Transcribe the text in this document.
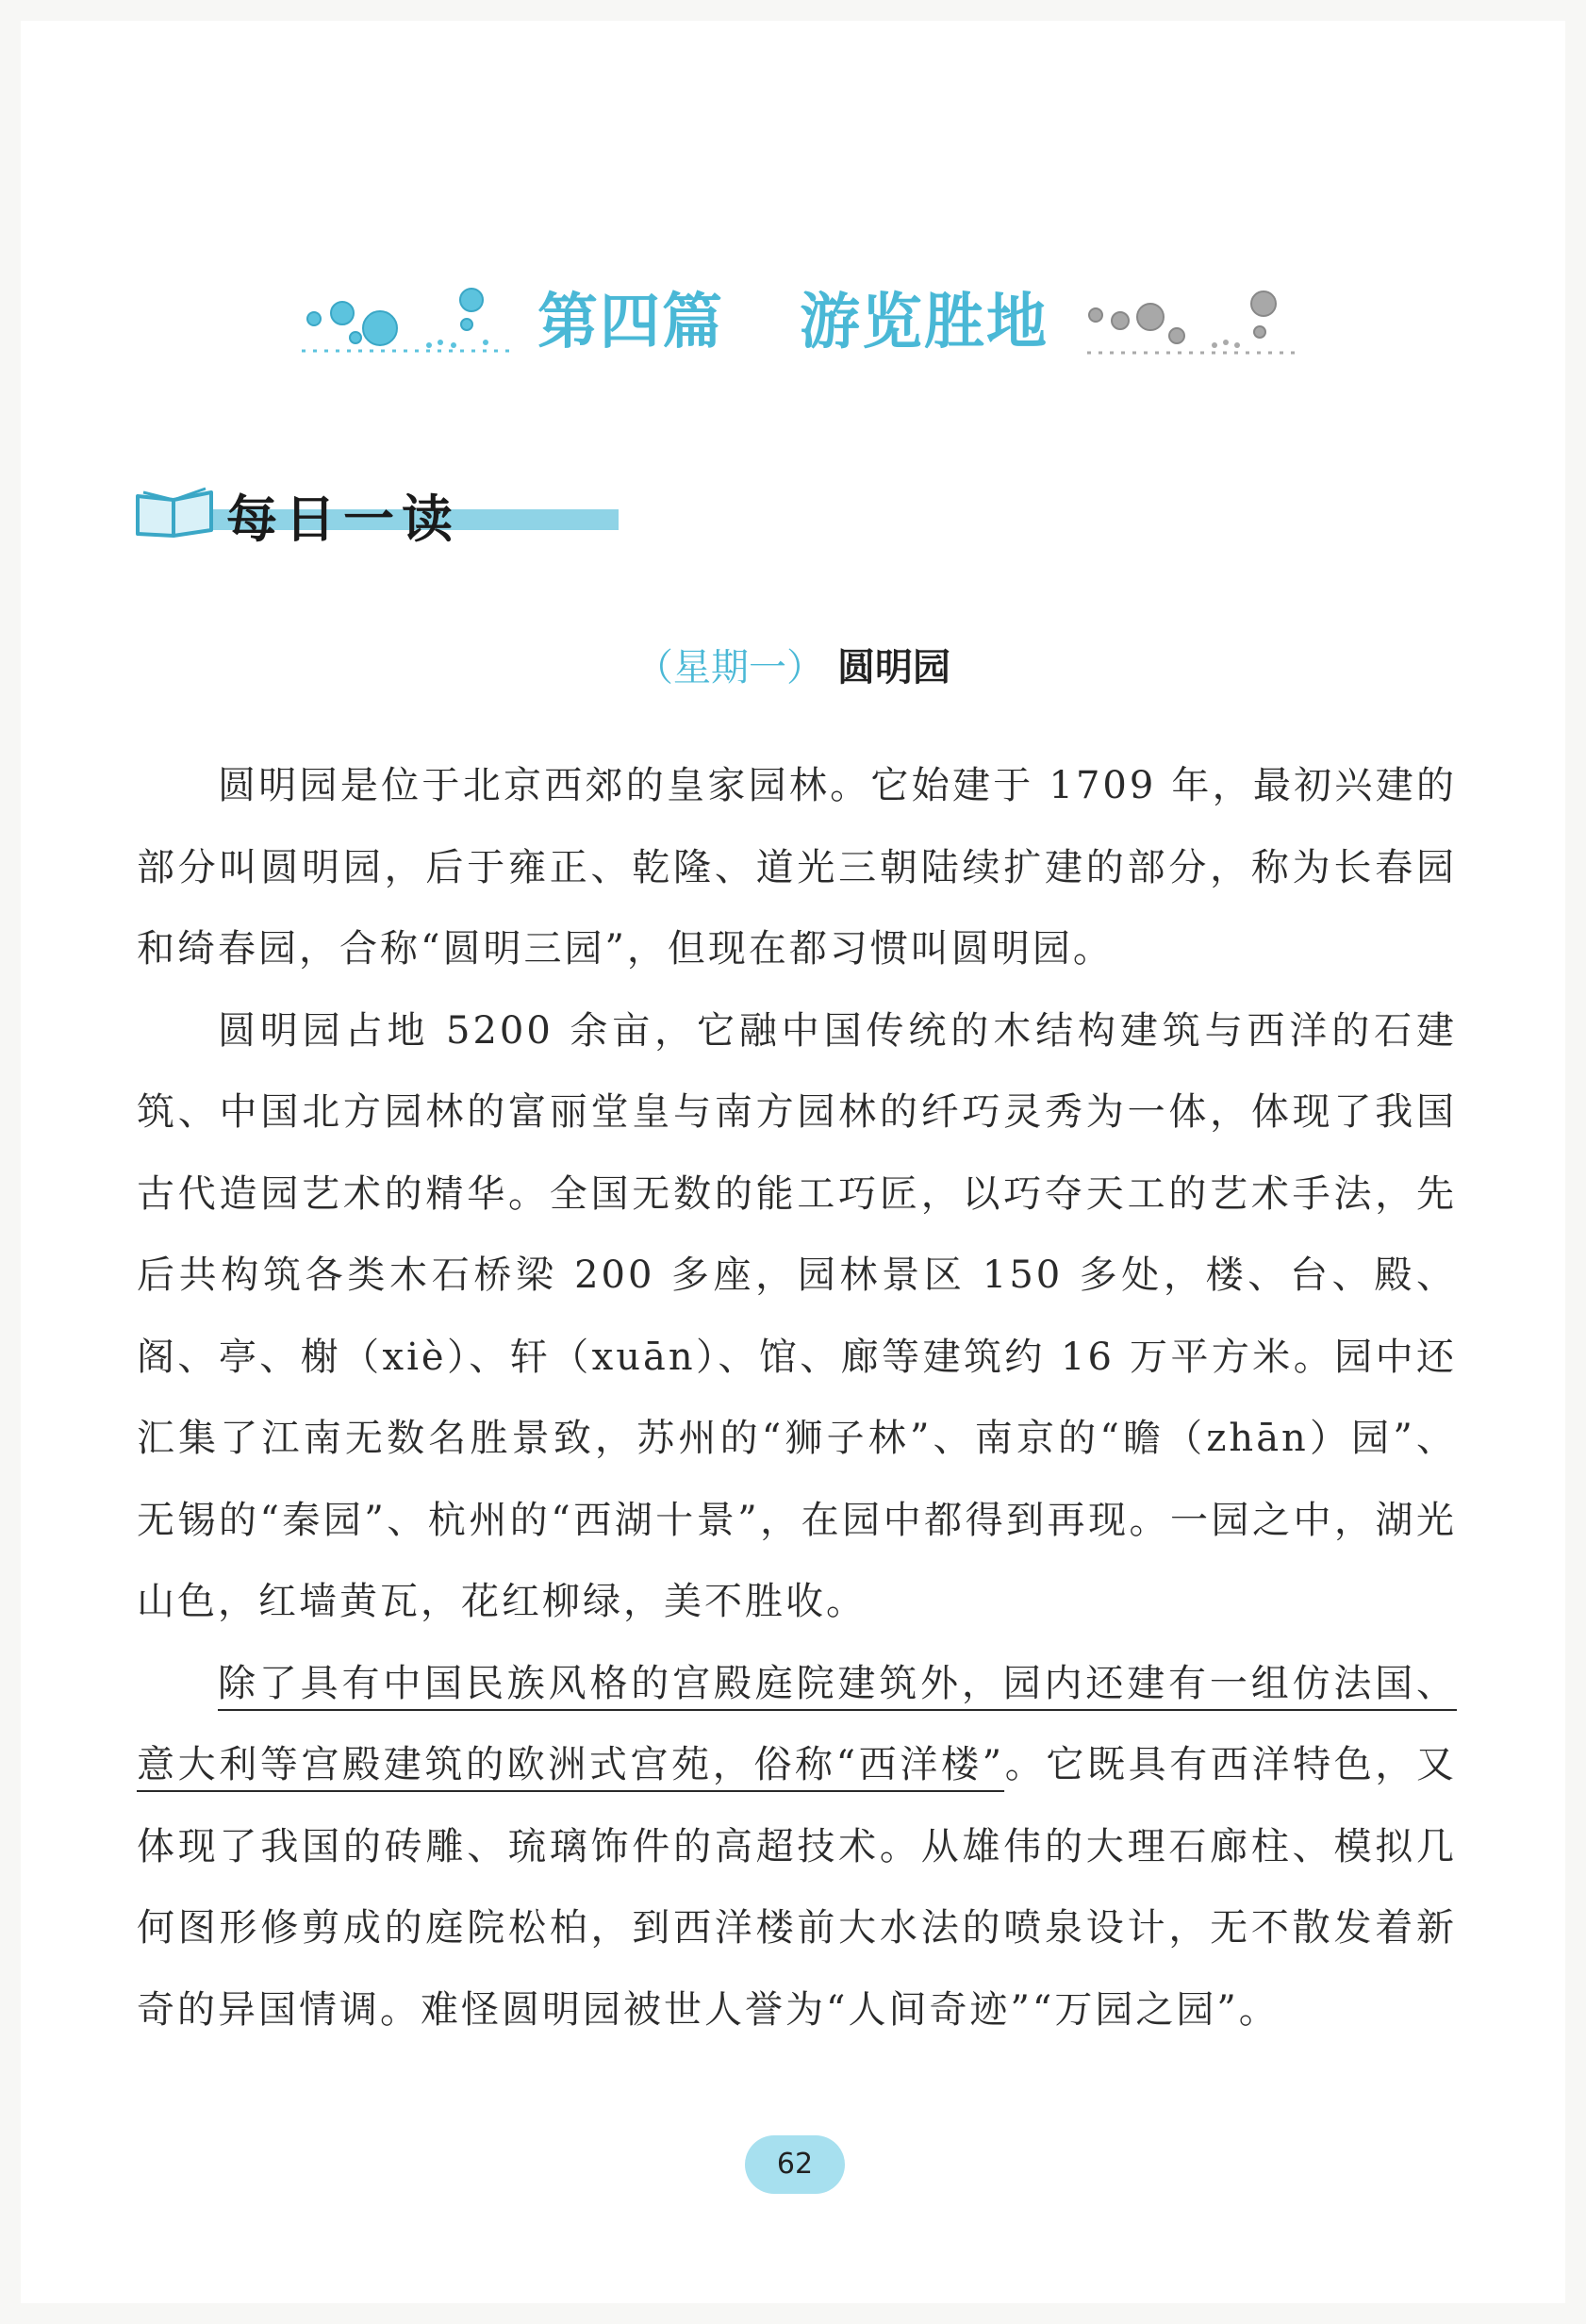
第四篇 游览胜地
每日一读
（星期一） 圆明园

圆明园是位于北京西郊的皇家园林。它始建于 1709 年，最初兴建的部分叫圆明园，后于雍正、乾隆、道光三朝陆续扩建的部分，称为长春园和绮春园，合称“圆明三园”，但现在都习惯叫圆明园。

圆明园占地 5200 余亩，它融中国传统的木结构建筑与西洋的石建筑、中国北方园林的富丽堂皇与南方园林的纤巧灵秀为一体，体现了我国古代造园艺术的精华。全国无数的能工巧匠，以巧夺天工的艺术手法，先后共构筑各类木石桥梁 200 多座，园林景区 150 多处，楼、台、殿、阁、亭、榭（xiè）、轩（xuān）、馆、廊等建筑约 16 万平方米。园中还汇集了江南无数名胜景致，苏州的“狮子林”、南京的“瞻（zhān）园”、无锡的“秦园”、杭州的“西湖十景”，在园中都得到再现。一园之中，湖光山色，红墙黄瓦，花红柳绿，美不胜收。

除了具有中国民族风格的宫殿庭院建筑外，园内还建有一组仿法国、意大利等宫殿建筑的欧洲式宫苑，俗称“西洋楼”。它既具有西洋特色，又体现了我国的砖雕、琉璃饰件的高超技术。从雄伟的大理石廊柱、模拟几何图形修剪成的庭院松柏，到西洋楼前大水法的喷泉设计，无不散发着新奇的异国情调。难怪圆明园被世人誉为“人间奇迹”“万园之园”。

62
